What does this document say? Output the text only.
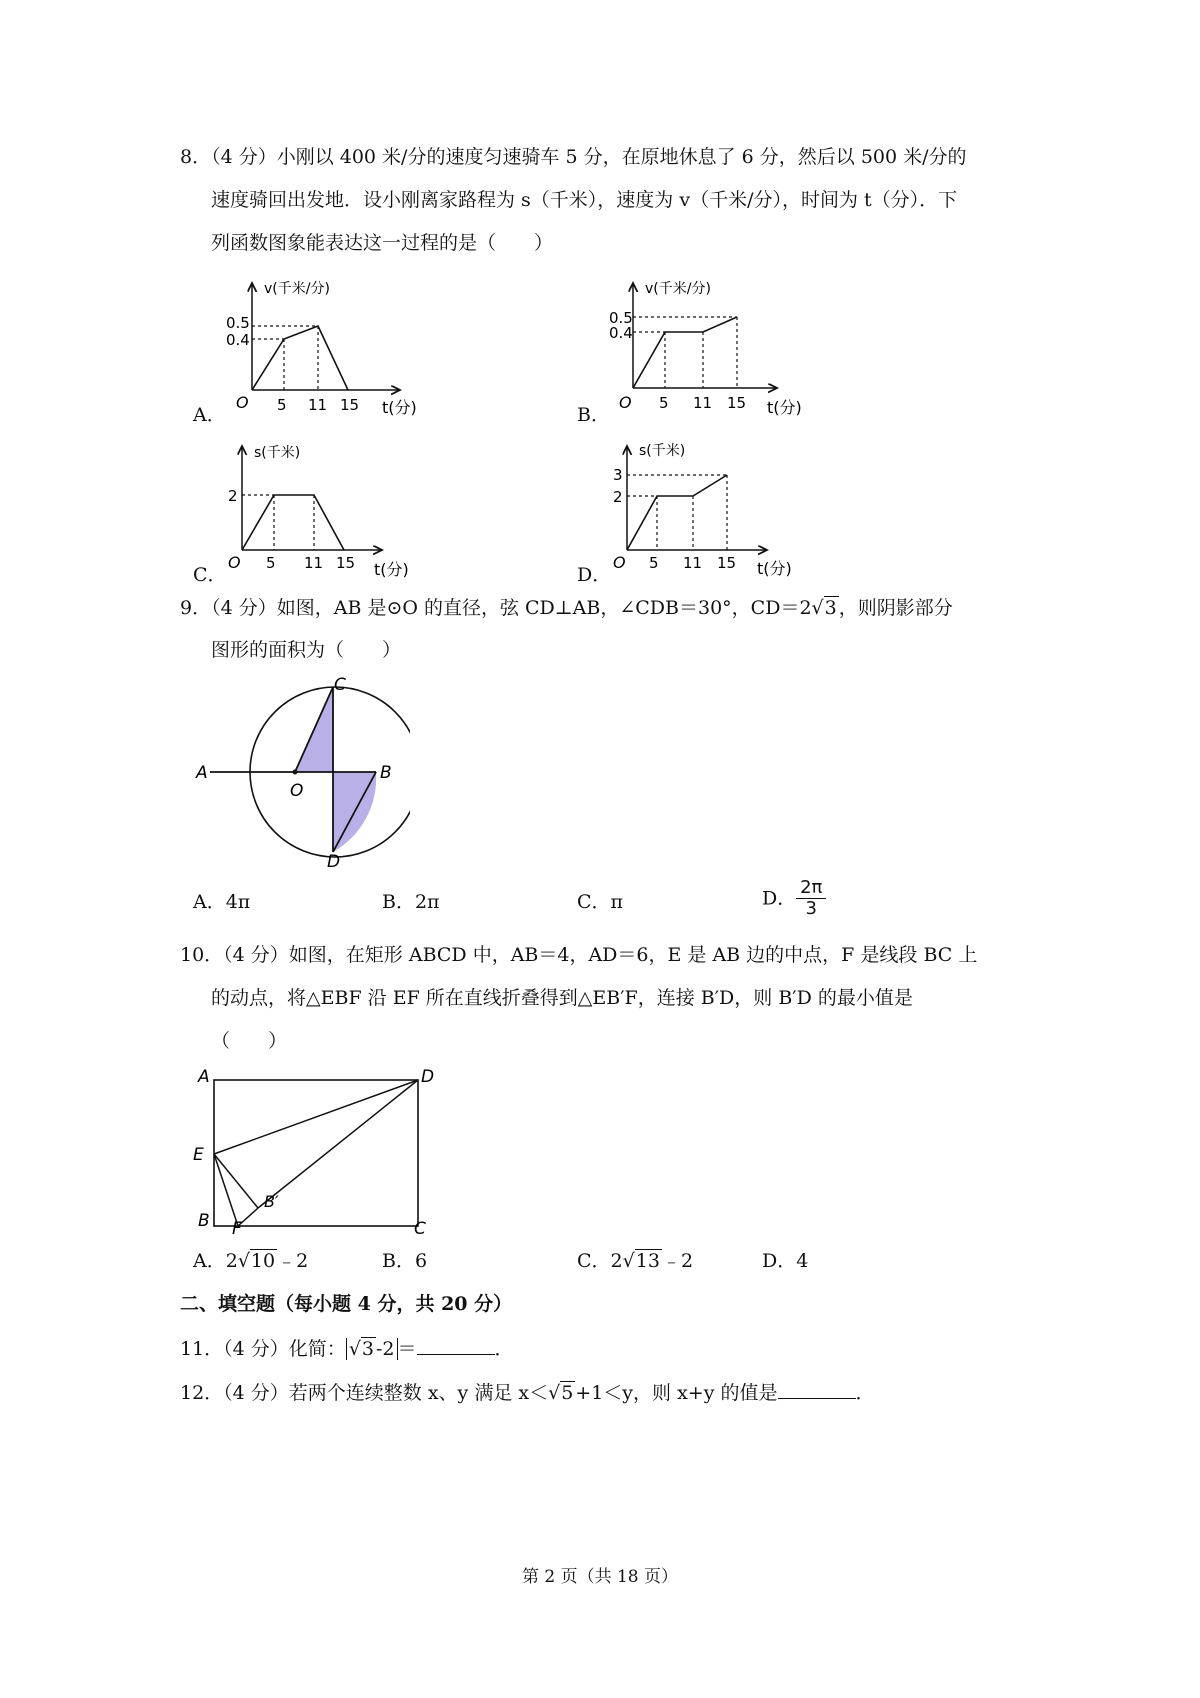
8．（4 分）小刚以 400 米/分的速度匀速骑车 5 分，在原地休息了 6 分，然后以 500 米/分的
速度骑回出发地．设小刚离家路程为 s（千米），速度为 v（千米/分），时间为 t（分）．下
列函数图象能表达这一过程的是（　　）
A．
v(千米/分)
0.5
0.4
O 5 11 15 t(分)	B．
v(千米/分)
0.5
0.4
O 5 11 15 t(分)
C．
s(千米)
2
O 5 11 15 t(分)	D．
s(千米)
3
2
O 5 11 15 t(分)
9．（4 分）如图，AB 是⊙O 的直径，弦 CD⊥AB，∠CDB＝30°，CD＝2√3 ，则阴影部分
图形的面积为（　　）
A	B
C
D
O
A．4π	B．2π	C．π	D． $\frac{2\pi}{3}$
10．（4 分）如图，在矩形 ABCD 中，AB＝4，AD＝6，E 是 AB 边的中点，F 是线段 BC 上
的动点，将△EBF 沿 EF 所在直线折叠得到△EB′F，连接 B′D，则 B′D 的最小值是
（　　）
A	D
E
B F
B′
C
A．2√10 ﹣2	B．6	C．2√13 ﹣2	D．4
二、填空题（每小题 4 分，共 20 分）
11．（4 分）化简： √3 -2 ＝	．
12．（4 分）若两个连续整数 x、y 满足 x＜√5 +1＜y，则 x+y 的值是	．
第 2 页（共 18 页）
